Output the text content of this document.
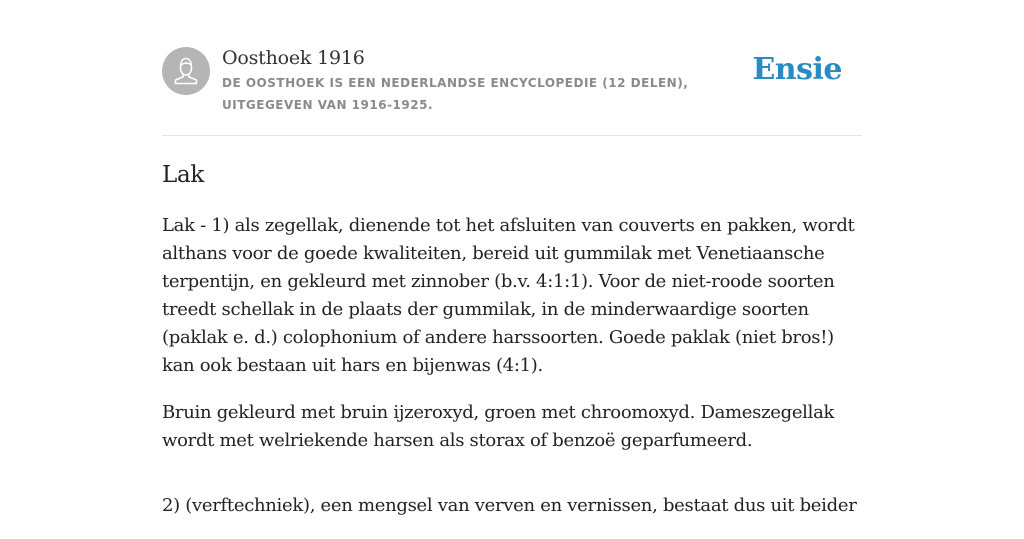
Oosthoek 1916
DE OOSTHOEK IS EEN NEDERLANDSE ENCYCLOPEDIE (12 DELEN), UITGEGEVEN VAN 1916-1925.
Ensie
Lak

Lak - 1) als zegellak, dienende tot het afsluiten van couverts en pakken, wordt althans voor de goede kwaliteiten, bereid uit gummilak met Venetiaansche terpentijn, en gekleurd met zinnober (b.v. 4:1:1). Voor de niet-roode soorten treedt schellak in de plaats der gummilak, in de minderwaardige soorten (paklak e. d.) colophonium of andere harssoorten. Goede paklak (niet bros!) kan ook bestaan uit hars en bijenwas (4:1).

Bruin gekleurd met bruin ijzeroxyd, groen met chroomoxyd. Dameszegellak wordt met welriekende harsen als storax of benzoë geparfumeerd.

2) (verftechniek), een mengsel van verven en vernissen, bestaat dus uit beider
